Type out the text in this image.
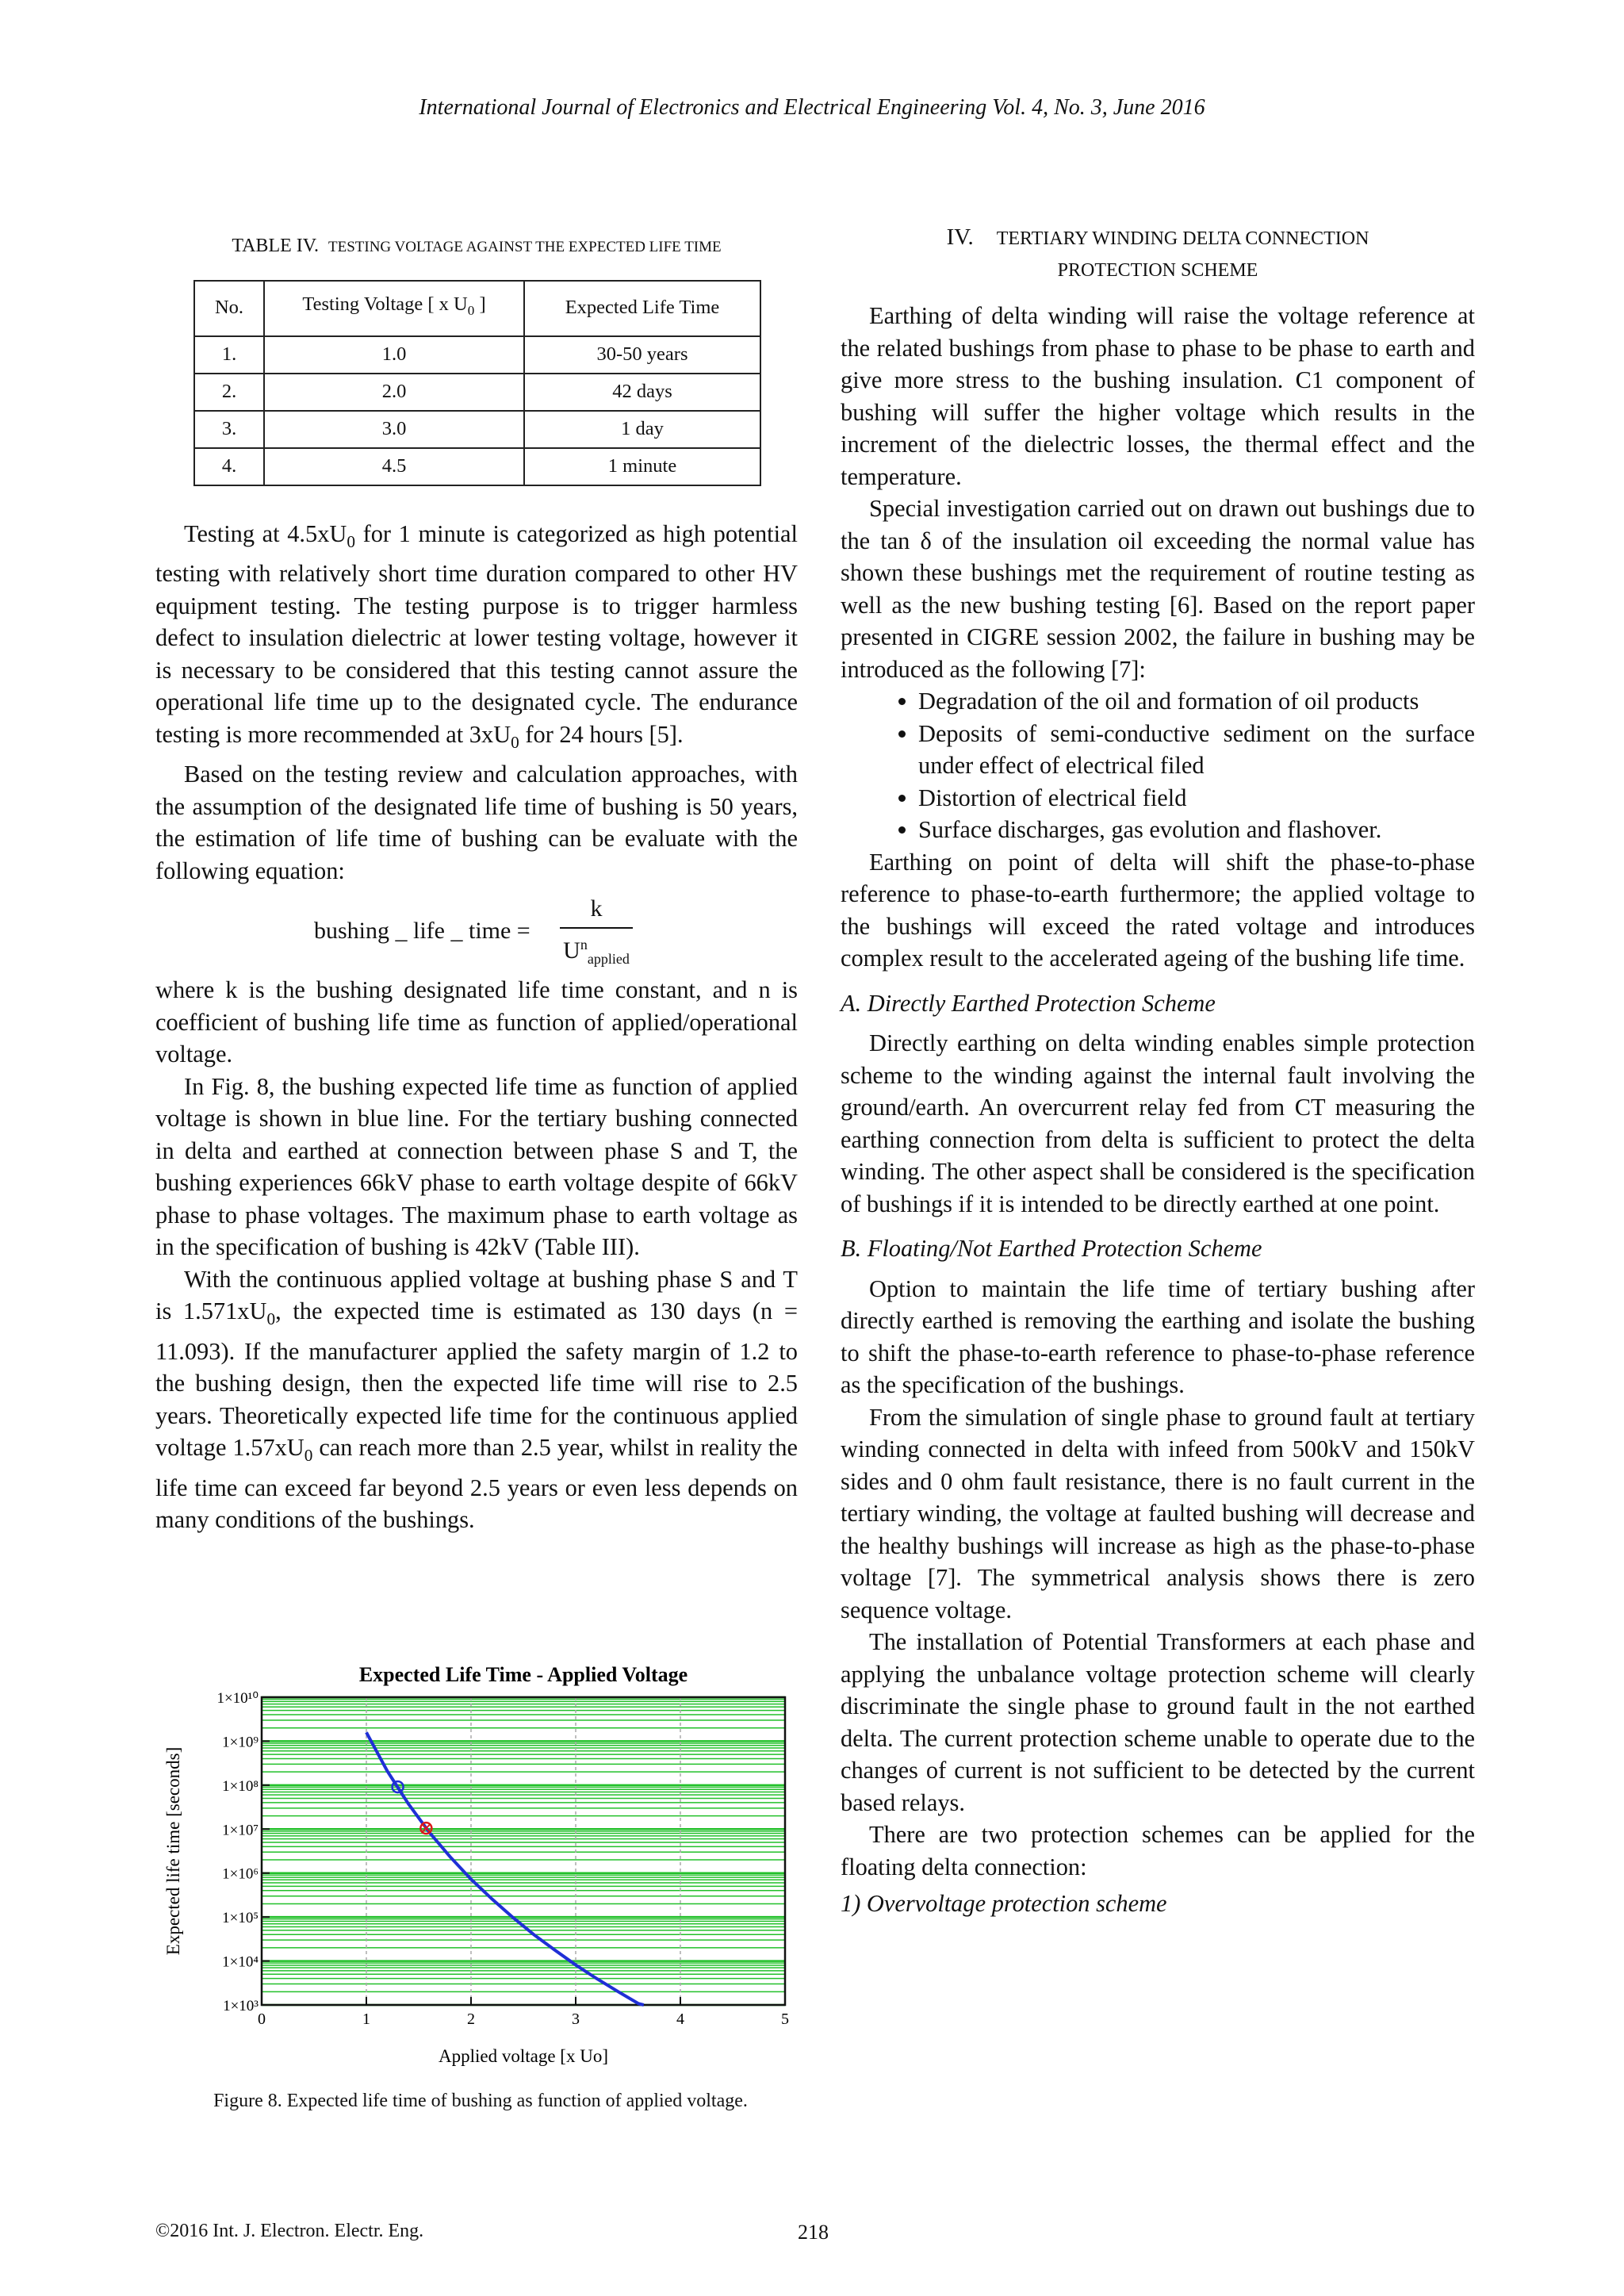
International Journal of Electronics and Electrical Engineering Vol. 4, No. 3, June 2016
TABLE IV. TESTING VOLTAGE AGAINST THE EXPECTED LIFE TIME
No.	Testing Voltage [ x $U_0$ ]	Expected Life Time
1.	1.0	30-50 years
2.	2.0	42 days
3.	3.0	1 day
4.	4.5	1 minute

Testing at $4.5xU_0$ for 1 minute is categorized as high potential testing with relatively short time duration compared to other HV equipment testing. The testing purpose is to trigger harmless defect to insulation dielectric at lower testing voltage, however it is necessary to be considered that this testing cannot assure the operational life time up to the designated cycle. The endurance testing is more recommended at $3xU_0$ for 24 hours [5].

Based on the testing review and calculation approaches, with the assumption of the designated life time of bushing is 50 years, the estimation of life time of bushing can be evaluate with the following equation:

bushing _ life _ time =
k
$U^n_{applied}$

where k is the bushing designated life time constant, and n is coefficient of bushing life time as function of applied/operational voltage.

In Fig. 8, the bushing expected life time as function of applied voltage is shown in blue line. For the tertiary bushing connected in delta and earthed at connection between phase S and T, the bushing experiences 66kV phase to earth voltage despite of 66kV phase to phase voltages. The maximum phase to earth voltage as in the specification of bushing is 42kV (Table III).

With the continuous applied voltage at bushing phase S and T is $1.571xU_0$, the expected time is estimated as 130 days (n = 11.093). If the manufacturer applied the safety margin of 1.2 to the bushing design, then the expected life time will rise to 2.5 years. Theoretically expected life time for the continuous applied voltage $1.57xU_0$ can reach more than 2.5 year, whilst in reality the life time can exceed far beyond 2.5 years or even less depends on many conditions of the bushings.

Expected Life Time - Applied Voltage
0	1	2	3	4	5
1×10³
1×10⁴
1×10⁵
1×10⁶
1×10⁷
1×10⁸
1×10⁹
1×10¹⁰
Applied voltage [x Uo]
Expected life time [seconds]
Figure 8. Expected life time of bushing as function of applied voltage.
IV. TERTIARY WINDING DELTA CONNECTION
PROTECTION SCHEME

Earthing of delta winding will raise the voltage reference at the related bushings from phase to phase to be phase to earth and give more stress to the bushing insulation. C1 component of bushing will suffer the higher voltage which results in the increment of the dielectric losses, the thermal effect and the temperature.

Special investigation carried out on drawn out bushings due to the tan δ of the insulation oil exceeding the normal value has shown these bushings met the requirement of routine testing as well as the new bushing testing [6]. Based on the report paper presented in CIGRE session 2002, the failure in bushing may be introduced as the following [7]:

• Degradation of the oil and formation of oil products
• Deposits of semi-conductive sediment on the surface under effect of electrical filed
• Distortion of electrical field
• Surface discharges, gas evolution and flashover.

Earthing on point of delta will shift the phase-to-phase reference to phase-to-earth furthermore; the applied voltage to the bushings will exceed the rated voltage and introduces complex result to the accelerated ageing of the bushing life time.

A. Directly Earthed Protection Scheme

Directly earthing on delta winding enables simple protection scheme to the winding against the internal fault involving the ground/earth. An overcurrent relay fed from CT measuring the earthing connection from delta is sufficient to protect the delta winding. The other aspect shall be considered is the specification of bushings if it is intended to be directly earthed at one point.

B. Floating/Not Earthed Protection Scheme

Option to maintain the life time of tertiary bushing after directly earthed is removing the earthing and isolate the bushing to shift the phase-to-earth reference to phase-to-phase reference as the specification of the bushings.

From the simulation of single phase to ground fault at tertiary winding connected in delta with infeed from 500kV and 150kV sides and 0 ohm fault resistance, there is no fault current in the tertiary winding, the voltage at faulted bushing will decrease and the healthy bushings will increase as high as the phase-to-phase voltage [7]. The symmetrical analysis shows there is zero sequence voltage.

The installation of Potential Transformers at each phase and applying the unbalance voltage protection scheme will clearly discriminate the single phase to ground fault in the not earthed delta. The current protection scheme unable to operate due to the changes of current is not sufficient to be detected by the current based relays.

There are two protection schemes can be applied for the floating delta connection:

1) Overvoltage protection scheme

©2016 Int. J. Electron. Electr. Eng.	218
